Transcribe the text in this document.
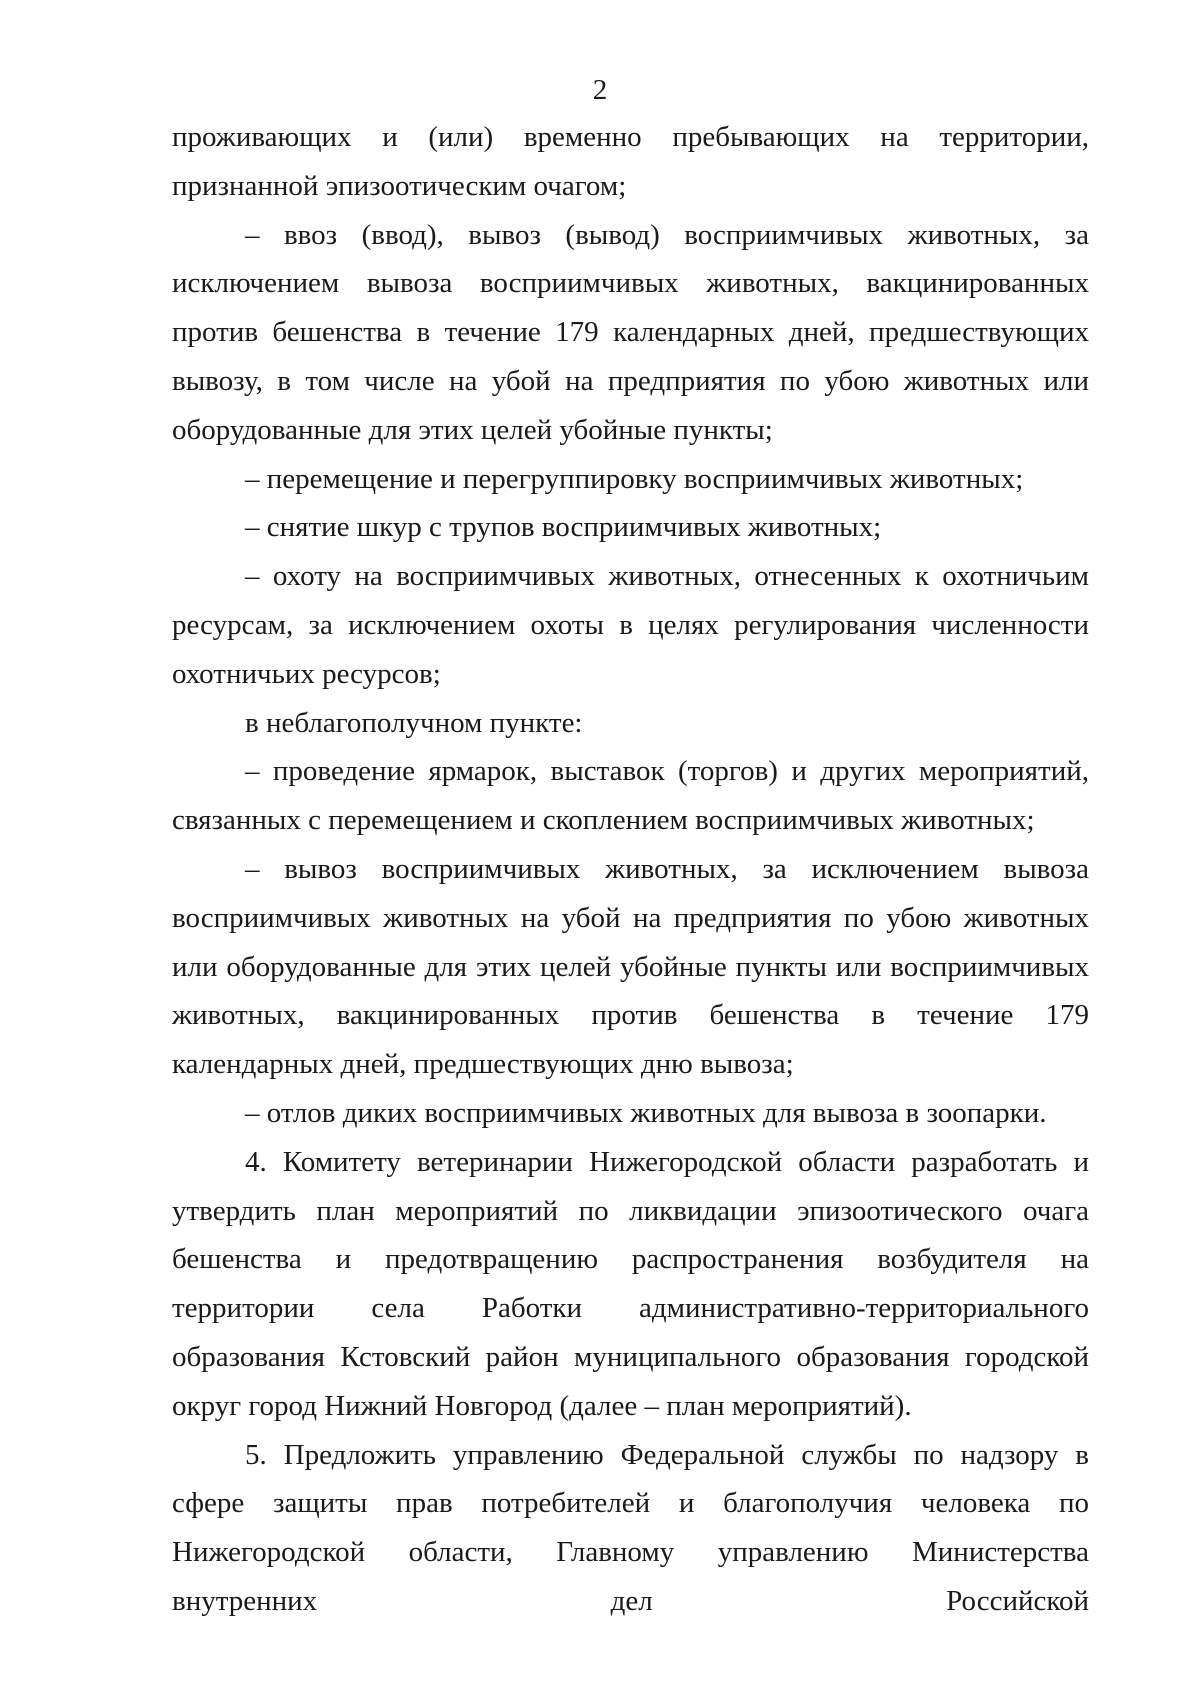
2

проживающих и (или) временно пребывающих на территории, признанной эпизоотическим очагом;

– ввоз (ввод), вывоз (вывод) восприимчивых животных, за исключением вывоза восприимчивых животных, вакцинированных против бешенства в течение 179 календарных дней, предшествующих вывозу, в том числе на убой на предприятия по убою животных или оборудованные для этих целей убойные пункты;

– перемещение и перегруппировку восприимчивых животных;

– снятие шкур с трупов восприимчивых животных;

– охоту на восприимчивых животных, отнесенных к охотничьим ресурсам, за исключением охоты в целях регулирования численности охотничьих ресурсов;

в неблагополучном пункте:

– проведение ярмарок, выставок (торгов) и других мероприятий, связанных с перемещением и скоплением восприимчивых животных;

– вывоз восприимчивых животных, за исключением вывоза восприимчивых животных на убой на предприятия по убою животных или оборудованные для этих целей убойные пункты или восприимчивых животных, вакцинированных против бешенства в течение 179 календарных дней, предшествующих дню вывоза;

– отлов диких восприимчивых животных для вывоза в зоопарки.

4. Комитету ветеринарии Нижегородской области разработать и утвердить план мероприятий по ликвидации эпизоотического очага бешенства и предотвращению распространения возбудителя на территории села Работки административно-территориального образования Кстовский район муниципального образования городской округ город Нижний Новгород (далее – план мероприятий).

5. Предложить управлению Федеральной службы по надзору в сфере защиты прав потребителей и благополучия человека по Нижегородской области, Главному управлению Министерства внутренних дел Российской
